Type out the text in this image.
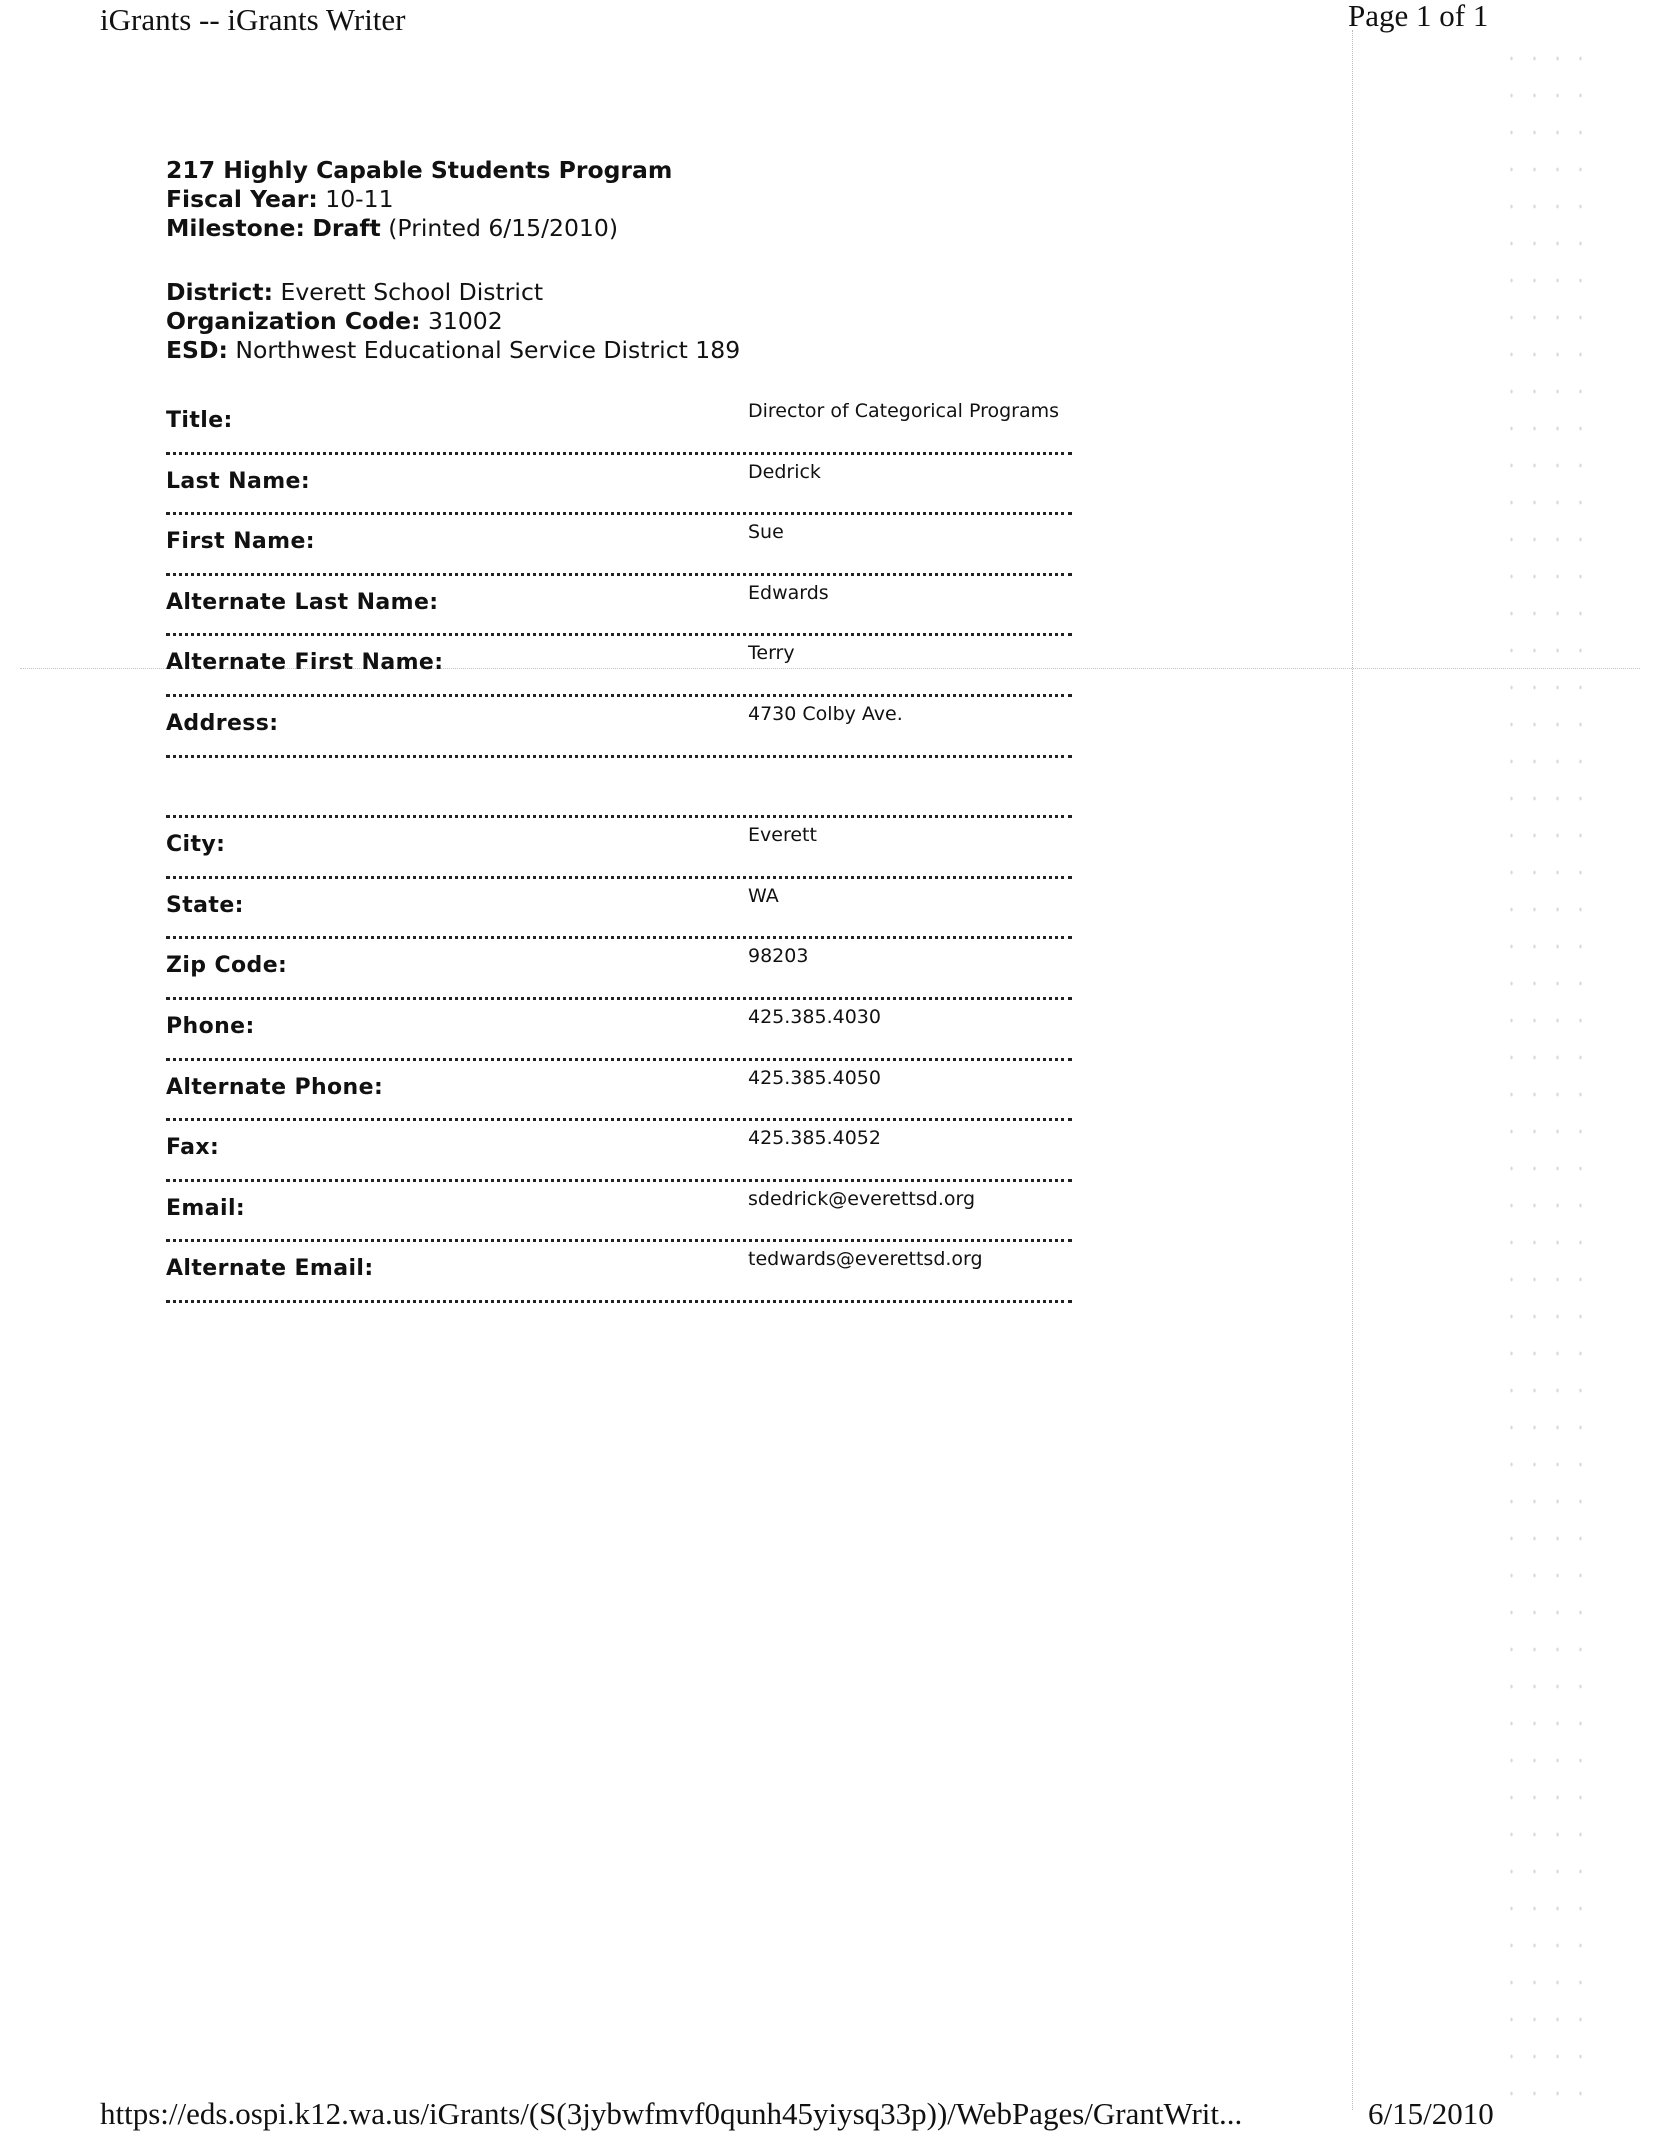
iGrants -- iGrants Writer	Page 1 of 1
217 Highly Capable Students Program
Fiscal Year: 10-11
Milestone: Draft (Printed 6/15/2010)
District: Everett School District
Organization Code: 31002
ESD: Northwest Educational Service District 189
Title:	Director of Categorical Programs
Last Name:	Dedrick
First Name:	Sue
Alternate Last Name:	Edwards
Alternate First Name:	Terry
Address:	4730 Colby Ave.
City:	Everett
State:	WA
Zip Code:	98203
Phone:	425.385.4030
Alternate Phone:	425.385.4050
Fax:	425.385.4052
Email:	sdedrick@everettsd.org
Alternate Email:	tedwards@everettsd.org
https://eds.ospi.k12.wa.us/iGrants/(S(3jybwfmvf0qunh45yiysq33p))/WebPages/GrantWrit...	6/15/2010
